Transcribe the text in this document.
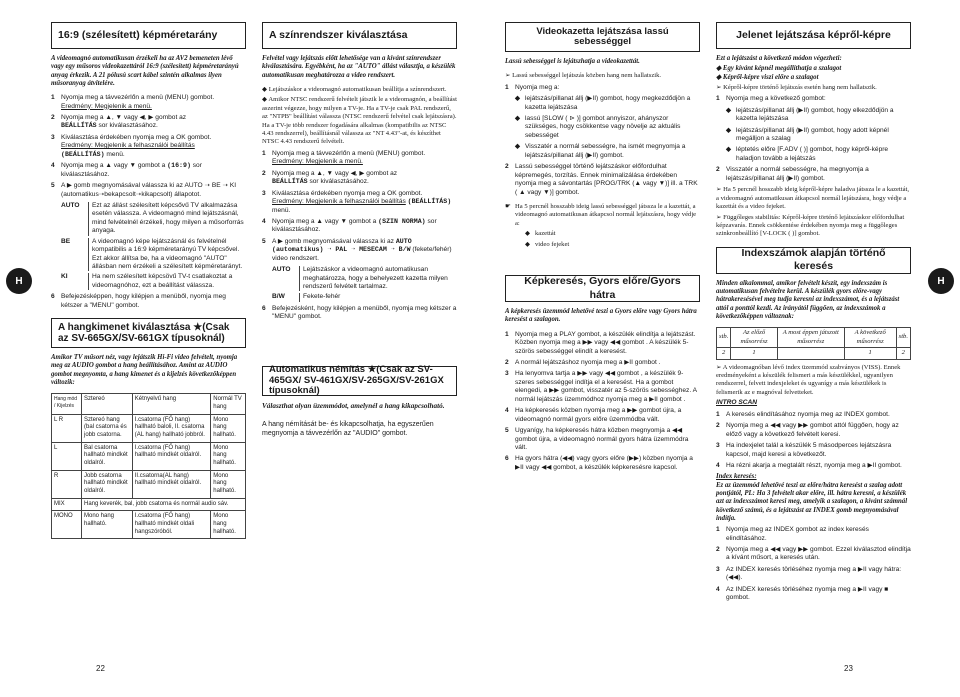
H	H
16:9 (szélesített) képméretarány
A videomagnó automatikusan érzékeli ha az AV2 bemeneten lévő vagy egy műsoros videokazettáról 16:9 (szélesített) képméretarányú anyag érkezik. A 21 pólusú scart kábel szintén alkalmas ilyen műsoranyag átvitelére.
1 Nyomja meg a távvezérlőn a menü (MENU) gombot.
Eredmény: Megjelenik a menü.
2 Nyomja meg a ▲, ▼ vagy ◀, ▶ gombot az
BEÁLLÍTÁS sor kiválasztásához.
3 Kiválasztása érdekében nyomja meg a OK gombot.
Eredmény: Megjelenik a felhasználói beállítás
(BEÁLLÍTÁS) menü.
4 Nyomja meg a ▲ vagy ▼ gombot a (16:9) sor kiválasztásához.
5 A ▶ gomb megnyomásával válassza ki az AUTO ➝ BE ➝ KI (automatikus➝bekapcsolt➝kikapcsolt) állapotot.
AUTO	Ezt az állást szélesített képcsővű TV alkalmazása esetén válassza. A videomagnó mind lejátszásnál, mind felvételnél érzékeli, hogy milyen a műsorforrás anyaga.
BE	A videomagnó képe lejátszásnál és felvételnél kompatibilis a 16:9 képméretarányú TV képcsővel. Ezt akkor állítsa be, ha a videomagnó "AUTO" állásban nem érzékeli a szélesített képméretarányt.
KI	Ha nem szélesített képcsövű TV-t csatlakoztat a videomagnóhoz, ezt a beállítást válassza.
6 Befejezésképpen, hogy kilépjen a menüből, nyomja meg kétszer a "MENU" gombot.
A hangkimenet kiválasztása ★(Csak az SV-665GX/SV-661GX típusoknál)
Amikor TV műsort néz, vagy lejátszik Hi-Fi video felvételt, nyomja meg az AUDIO gombot a hang beállításához. Amint az AUDIO gombot megnyomta, a hang kimenet és a kijelzés következőképpen változik:
Hang mód / Kijelzés	Sztereó	Kétnyelvű hang	Normál TV hang
L R	Sztereó hang (bal csatorna és jobb csatorna.	I.csatorna (FŐ hang) hallható baloli, II. csatorna (AL hang) hallható jobbról.	Mono hang hallható.
L	Bal csatorna hallható mindkét oldalról.	I.csatorna (FŐ hang) hallható mindkét oldalról.	Mono hang hallható.
R	Jobb csatorna hallható mindkét oldalról.	II.csatorna(AL hang) hallható mindkét oldalról.	Mono hang hallható.
MIX	Hang keverék, bal, jobb csatorna és normál audio sáv.		
MONO	Mono hang hallható.	I.csatorna (FŐ hang) hallható mindkét oldali hangszóróból.	Mono hang hallható.
A színrendszer kiválasztása
Felvétel vagy lejátszás előtt lehetősége van a kívánt színrendszer kiválasztására. Egyébként, ha az "AUTO" állást választja, a készülék automatikusan meghatározza a video rendszert.
◆ Lejátszáskor a videomagnó automatikusan beállítja a színrendszert.
◆ Amikor NTSC rendszerű felvételt játszik le a videomagnón, a beállítást aszerint végezze, hogy milyen a TV-je. Ha a TV-je csak PAL rendszerű, az "NTPB" beállítást válassza (NTSC rendszerű felvétel csak lejátszásra). Ha a TV-je több rendszer fogadására alkalmas (kompatibilis az NTSC 4.43 rendszerrel), beállításnál válassza az "NT 4.43"-at, és készíthet NTSC 4.43 rendszerű felvételt.
1 Nyomja meg a távvezérlőn a menü (MENU) gombot.
Eredmény: Megjelenik a menü.
2 Nyomja meg a ▲, ▼ vagy ◀, ▶ gombot az
BEÁLLÍTÁS sor kiválasztásához.
3 Kiválasztása érdekében nyomja meg a OK gombot.
Eredmény: Megjelenik a felhasználói beállítás (BEÁLLÍTÁS) menü.
4 Nyomja meg a ▲ vagy ▼ gombot a (SZIN NORMA) sor kiválasztásához.
5 A ▶ gomb megnyomásával válassza ki az AUTO (automatikus) ➝ PAL ➝ MESECAM ➝ B/W (fekete/fehér) video rendszert.
AUTO	Lejátszáskor a videomagnó automatikusan meghatározza, hogy a behelyezett kazetta milyen rendszerű felvételt tartalmaz.
B/W	Fekete-fehér
6 Befejezésként, hogy kilépjen a menüből, nyomja meg kétszer a "MENU" gombot.
Automatikus némítás ★(Csak az SV-465GX/ SV-461GX/SV-265GX/SV-261GX típusoknál)
Választhat olyan üzemmódot, amelynél a hang kikapcsolható.
A hang némítását be- és kikapcsolhatja, ha egyszerűen megnyomja a távvezérlőn az "AUDIO" gombot.
Videokazetta lejátszása lassú sebességgel
Lassú sebességgel is lejátszhatja a videokazettát.
➢ Lassú sebességgel lejátszás közben hang nem hallatszik.
1 Nyomja meg a:
◆ lejátszás/pillanat állj (▶II) gombot, hogy megkezdődjön a kazetta lejátszása
◆ lassú [SLOW ( ⊳ )] gombot annyiszor, ahányszor szükséges, hogy csökkentse vagy növelje az aktuális sebességet
◆ Visszatér a normál sebességre, ha ismét megnyomja a lejátszás/pillanat állj (▶II) gombot.
2 Lassú sebességgel történő lejátszáskor előfordulhat képremegés, torzítás. Ennek minimalizálása érdekében nyomja meg a sávontartás [PROG/TRK (▲ vagy ▼)] ill. a TRK ( ▲ vagy ▼)] gombot.
☛ Ha 5 percnél hosszabb ideig lassú sebességgel játssza le a kazettát, a videomagnó automatikusan átkapcsol normál lejátszásra, hogy védje a:
◆ kazettát
◆ video fejeket
Képkeresés, Gyors előre/Gyors hátra
A képkeresés üzemmód lehetővé teszi a Gyors előre vagy Gyors hátra keresést a szalagon.
1 Nyomja meg a PLAY gombot, a készülék elindítja a lejátszást. Közben nyomja meg a ▶▶ vagy ◀◀ gombot . A készülék 5-szörös sebességgel elindít a keresést.
2 A normál lejátszáshoz nyomja meg a ▶II gombot .
3 Ha lenyomva tartja a ▶▶ vagy ◀◀ gombot , a készülék 9-szeres sebességgel indítja el a keresést. Ha a gombot elengedi, a ▶▶ gombot, visszatér az 5-szörös sebességhez. A normál lejátszás üzemmódhoz nyomja meg a ▶II gombot .
4 Ha képkeresés közben nyomja meg a ▶▶ gombot újra, a videomagnó normál gyors előre üzemmódba vált.
5 Ugyanígy, ha képkeresés hátra közben megnyomja a ◀◀ gombot újra, a videomagnó normál gyors hátra üzemmódra vált.
6 Ha gyors hátra (◀◀) vagy gyors előre (▶▶) közben nyomja a ▶II vagy ◀◀ gombot, a készülék képkeresésre kapcsol.
Jelenet lejátszása képről-képre
Ezt a lejátszást a következő módon végezheti:
◆ Egy kívánt képnél megállíthatja a szalagot
◆ Képről-képre viszi előre a szalagot
➢ Képről-képre történő lejátszás esetén hang nem hallatszik.
1 Nyomja meg a következő gombot:
◆ lejátszás/pillanat állj (▶II) gombot, hogy elkezdődjön a kazetta lejátszása
◆ lejátszás/pillanat állj (▶II) gombot, hogy adott képnél megálljon a szalag
◆ léptetés előre [F.ADV ( )] gombot, hogy képről-képre haladjon tovább a lejátszás
2 Visszatér a normál sebességre, ha megnyomja a lejátszás/pillanat állj (▶II) gombot.
➢ Ha 5 percnél hosszabb ideig képről-képre haladva játssza le a kazettát, a videomagnó automatikusan átkapcsol normál lejátszásra, hogy védje a kazettát és a video fejeket.
➢ Függőleges stabilitás: Képről-képre történő lejátszáskor előfordulhat képzavarás. Ennek csökkentése érdekében nyomja meg a függőleges szinkronbeállító [V-LOCK ( )] gombot.
Indexszámok alapján történő keresés
Minden alkalommal, amikor felvételt készít, egy indexszám is automatikusan felvételre kerül. A készülék gyors előre-vagy hátrakeresésével meg tudja keresni az indexszámot, és a lejátszást attól a ponttól kezdi. Az irányától függően, az indexszámok a következőképpen változnak:
stb.	Az előző műsorrész	A most éppen játszott műsorrész	A következő műsorrész	stb.
2	1		1	2
➢ A videomagnóban lévő index üzemmód szabványos (VISS). Ennek eredményeként a készülék felismeri a más készülékkel, ugyanilyen rendszerrel, felvett indexjeleket és ugyanígy a más készülékek is felismerik az e magnóval felvetteket.
INTRO SCAN
1 A keresés elindításához nyomja meg az INDEX gombot.
2 Nyomja meg a ◀◀ vagy ▶▶ gombot attól függően, hogy az előző vagy a következő felvételt keresi.
3 Ha indexjelet talál a készülék 5 másodperces lejátszásra kapcsol, majd keresi a következőt.
4 Ha rézni akarja a megtalált részt, nyomja meg a ▶II gombot.
Index keresés:
Ez az üzemmód lehetővé teszi az előre/hátra keresést a szalag adott pontjától, PL: Ha 3 felvételt akar előre, ill. hátra keresni, a készülék azt az indexszámot keresi meg, amelyik a szalagon, a kívánt számnál következő számú, és a lejátszást az INDEX gomb megnyomásával indítja.
1 Nyomja meg az INDEX gombot az index keresés elindításához.
2 Nyomja meg a ◀◀ vagy ▶▶ gombot. Ezzel kiválasztod elindítja a kívánt műsort, a keresés után.
3 Az INDEX keresés törléséhez nyomja meg a ▶II vagy hátra: (◀◀).
4 Az INDEX keresés törléséhez nyomja meg a ▶II vagy ■ gombot.
22	23
